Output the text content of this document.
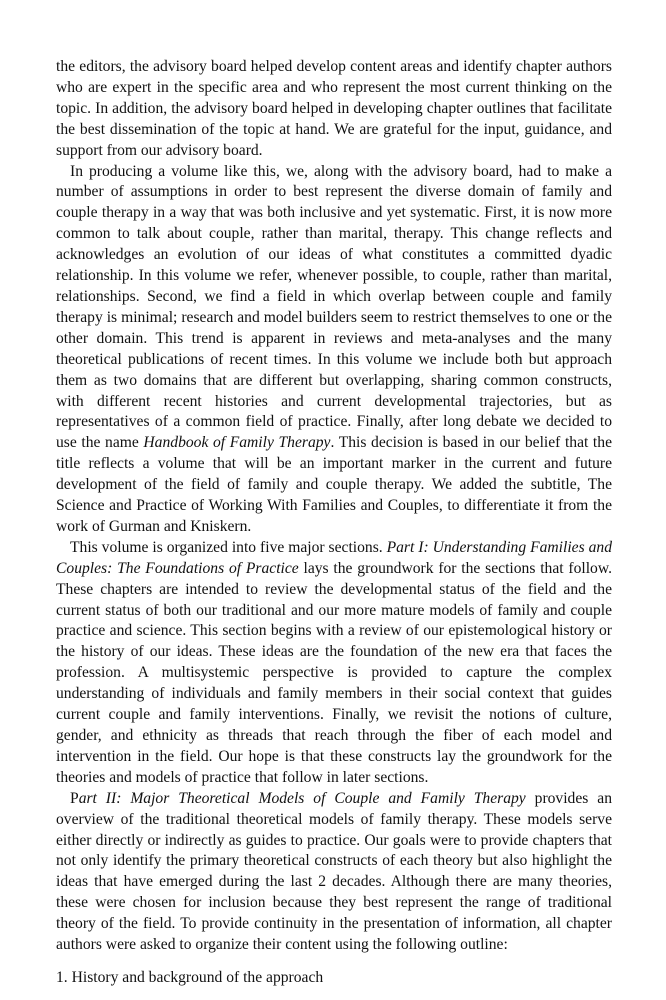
the editors, the advisory board helped develop content areas and identify chapter authors who are expert in the specific area and who represent the most current thinking on the topic. In addition, the advisory board helped in developing chapter outlines that facilitate the best dissemination of the topic at hand. We are grateful for the input, guidance, and support from our advisory board.

In producing a volume like this, we, along with the advisory board, had to make a number of assumptions in order to best represent the diverse domain of family and couple therapy in a way that was both inclusive and yet systematic. First, it is now more common to talk about couple, rather than marital, therapy. This change reflects and acknowledges an evolution of our ideas of what constitutes a committed dyadic relationship. In this volume we refer, whenever possible, to couple, rather than marital, relationships. Second, we find a field in which overlap between couple and family therapy is minimal; research and model builders seem to restrict themselves to one or the other domain. This trend is apparent in reviews and meta-analyses and the many theoretical publications of recent times. In this volume we include both but approach them as two domains that are different but overlapping, sharing common constructs, with different recent histories and current developmental trajectories, but as representatives of a common field of practice. Finally, after long debate we decided to use the name Handbook of Family Therapy. This decision is based in our belief that the title reflects a volume that will be an important marker in the current and future development of the field of family and couple therapy. We added the subtitle, The Science and Practice of Working With Families and Couples, to differentiate it from the work of Gurman and Kniskern.

This volume is organized into five major sections. Part I: Understanding Families and Couples: The Foundations of Practice lays the groundwork for the sections that follow. These chapters are intended to review the developmental status of the field and the current status of both our traditional and our more mature models of family and couple practice and science. This section begins with a review of our epistemological history or the history of our ideas. These ideas are the foundation of the new era that faces the profession. A multisystemic perspective is provided to capture the complex understanding of individuals and family members in their social context that guides current couple and family interventions. Finally, we revisit the notions of culture, gender, and ethnicity as threads that reach through the fiber of each model and intervention in the field. Our hope is that these constructs lay the groundwork for the theories and models of practice that follow in later sections.

Part II: Major Theoretical Models of Couple and Family Therapy provides an overview of the traditional theoretical models of family therapy. These models serve either directly or indirectly as guides to practice. Our goals were to provide chapters that not only identify the primary theoretical constructs of each theory but also highlight the ideas that have emerged during the last 2 decades. Although there are many theories, these were chosen for inclusion because they best represent the range of traditional theory of the field. To provide continuity in the presentation of information, all chapter authors were asked to organize their content using the following outline:

1. History and background of the approach
